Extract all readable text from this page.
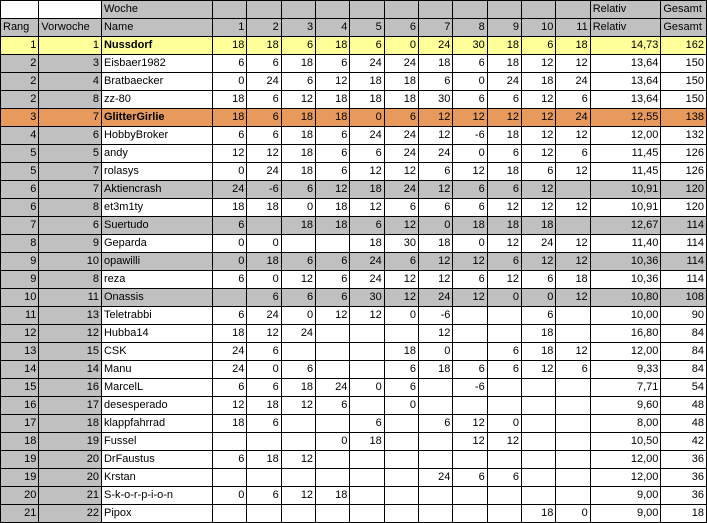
		Woche												Relativ	Gesamt
Rang	Vorwoche	Name	1	2	3	4	5	6	7	8	9	10	11	Relativ	Gesamt
1	1	Nussdorf	18	18	6	18	6	0	24	30	18	6	18	14,73	162
2	3	Eisbaer1982	6	6	18	6	24	24	18	6	18	12	12	13,64	150
2	4	Bratbaecker	0	24	6	12	18	18	6	0	24	18	24	13,64	150
2	8	zz-80	18	6	12	18	18	18	30	6	6	12	6	13,64	150
3	7	GlitterGirlie	18	6	18	18	0	6	12	12	12	12	24	12,55	138
4	6	HobbyBroker	6	6	18	6	24	24	12	-6	18	12	12	12,00	132
5	5	andy	12	12	18	6	6	24	24	0	6	12	6	11,45	126
5	7	rolasys	0	24	18	6	12	12	6	12	18	6	12	11,45	126
6	7	Aktiencrash	24	-6	6	12	18	24	12	6	6	12		10,91	120
6	8	et3m1ty	18	18	0	18	12	6	6	6	12	12	12	10,91	120
7	6	Suertudo	6		18	18	6	12	0	18	18	18		12,67	114
8	9	Geparda	0	0			18	30	18	0	12	24	12	11,40	114
9	10	opawilli	0	18	6	6	24	6	12	12	6	12	12	10,36	114
9	8	reza	6	0	12	6	24	12	12	6	12	6	18	10,36	114
10	11	Onassis		6	6	6	30	12	24	12	0	0	12	10,80	108
11	13	Teletrabbi	6	24	0	12	12	0	-6			6		10,00	90
12	12	Hubba14	18	12	24				12			18		16,80	84
13	15	CSK	24	6				18	0		6	18	12	12,00	84
14	14	Manu	24	0	6			6	18	6	6	12	6	9,33	84
15	16	MarcelL	6	6	18	24	0	6		-6				7,71	54
16	17	desesperado	12	18	12	6		0						9,60	48
17	18	klappfahrrad	18	6			6		6	12	0			8,00	48
18	19	Fussel				0	18			12	12			10,50	42
19	20	DrFaustus	6	18	12									12,00	36
19	20	Krstan							24	6	6			12,00	36
20	21	S-k-o-r-p-i-o-n	0	6	12	18								9,00	36
21	22	Pipox										18	0	9,00	18
